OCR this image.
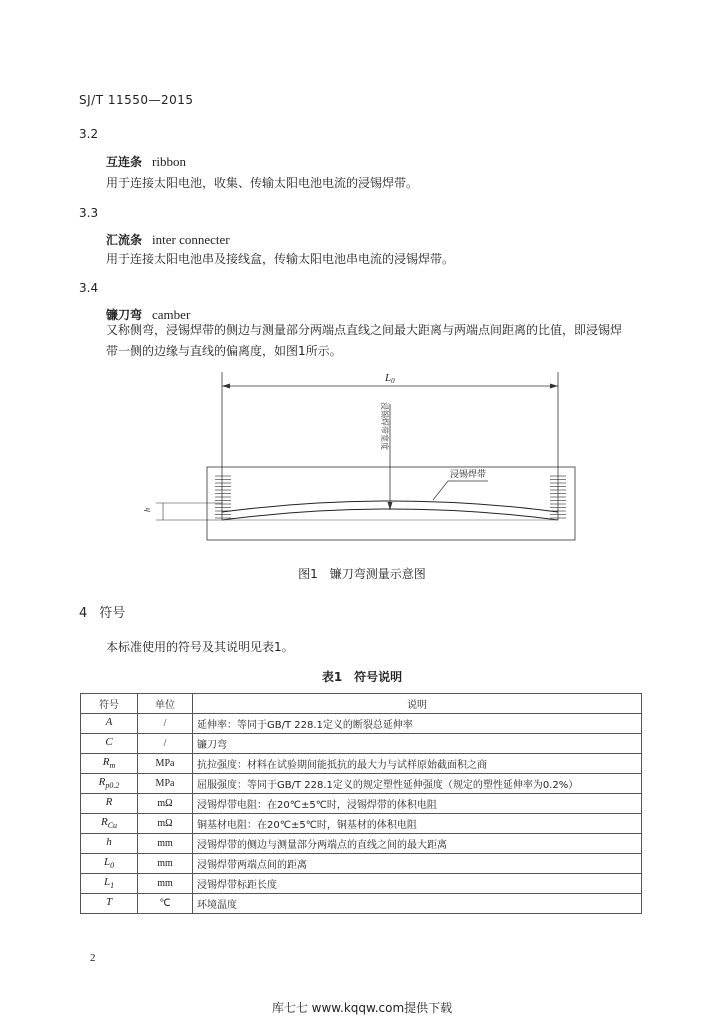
SJ/T 11550—2015
3.2
互连条 ribbon
用于连接太阳电池，收集、传输太阳电池电流的浸锡焊带。
3.3
汇流条 inter connecter
用于连接太阳电池串及接线盒，传输太阳电池串电流的浸锡焊带。
3.4
镰刀弯 camber
又称侧弯，浸锡焊带的侧边与测量部分两端点直线之间最大距离与两端点间距离的比值，即浸锡焊
带一侧的边缘与直线的偏离度，如图1所示。
L0
浸锡焊带宽度
浸锡焊带
h
图1　镰刀弯测量示意图
4 符号
本标准使用的符号及其说明见表1。
表1　符号说明
符号	单位	说明
A	/	延伸率：等同于GB/T 228.1定义的断裂总延伸率
C	/	镰刀弯
$R_m$	MPa	抗拉强度：材料在试验期间能抵抗的最大力与试样原始截面积之商
$R_{p0.2}$	MPa	屈服强度：等同于GB/T 228.1定义的规定塑性延伸强度（规定的塑性延伸率为0.2%）
R	mΩ	浸锡焊带电阻：在20℃±5℃时，浸锡焊带的体积电阻
$R_{Cu}$	mΩ	铜基材电阻：在20℃±5℃时，铜基材的体积电阻
h	mm	浸锡焊带的侧边与测量部分两端点的直线之间的最大距离
$L_0$	mm	浸锡焊带两端点间的距离
$L_1$	mm	浸锡焊带标距长度
T	℃	环境温度
2
库七七 www.kqqw.com提供下载
